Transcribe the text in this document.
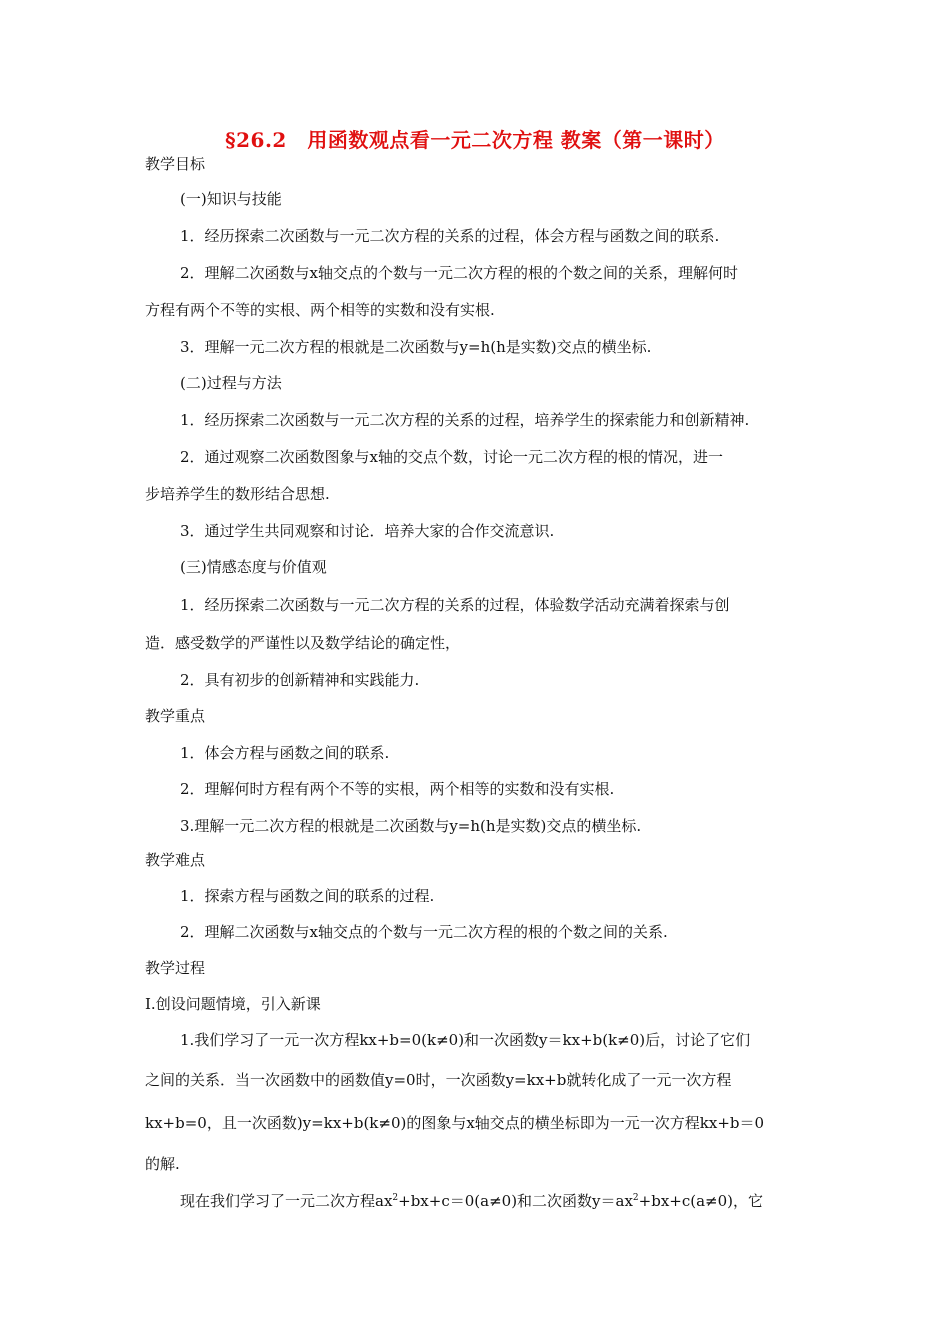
§26.2　用函数观点看一元二次方程 教案（第一课时）
教学目标
(一)知识与技能
1．经历探索二次函数与一元二次方程的关系的过程，体会方程与函数之间的联系.
2．理解二次函数与x轴交点的个数与一元二次方程的根的个数之间的关系，理解何时
方程有两个不等的实根、两个相等的实数和没有实根.
3．理解一元二次方程的根就是二次函数与y=h(h是实数)交点的横坐标.
(二)过程与方法
1．经历探索二次函数与一元二次方程的关系的过程，培养学生的探索能力和创新精神.
2．通过观察二次函数图象与x轴的交点个数，讨论一元二次方程的根的情况，进一
步培养学生的数形结合思想.
3．通过学生共同观察和讨论．培养大家的合作交流意识.
(三)情感态度与价值观
1．经历探索二次函数与一元二次方程的关系的过程，体验数学活动充满着探索与创
造．感受数学的严谨性以及数学结论的确定性，
2．具有初步的创新精神和实践能力.
教学重点
1．体会方程与函数之间的联系.
2．理解何时方程有两个不等的实根，两个相等的实数和没有实根.
3.理解一元二次方程的根就是二次函数与y=h(h是实数)交点的横坐标.
教学难点
1．探索方程与函数之间的联系的过程.
2．理解二次函数与x轴交点的个数与一元二次方程的根的个数之间的关系.
教学过程
Ⅰ.创设问题情境，引入新课
1.我们学习了一元一次方程kx+b=0(k≠0)和一次函数y＝kx+b(k≠0)后，讨论了它们
之间的关系．当一次函数中的函数值y=0时，一次函数y=kx+b就转化成了一元一次方程
kx+b=0，且一次函数)y=kx+b(k≠0)的图象与x轴交点的横坐标即为一元一次方程kx+b＝0
的解.
现在我们学习了一元二次方程$ax^2+bx+c=0(a\ne 0)$和二次函数$y=ax^2+bx+c(a\ne 0)$，它
